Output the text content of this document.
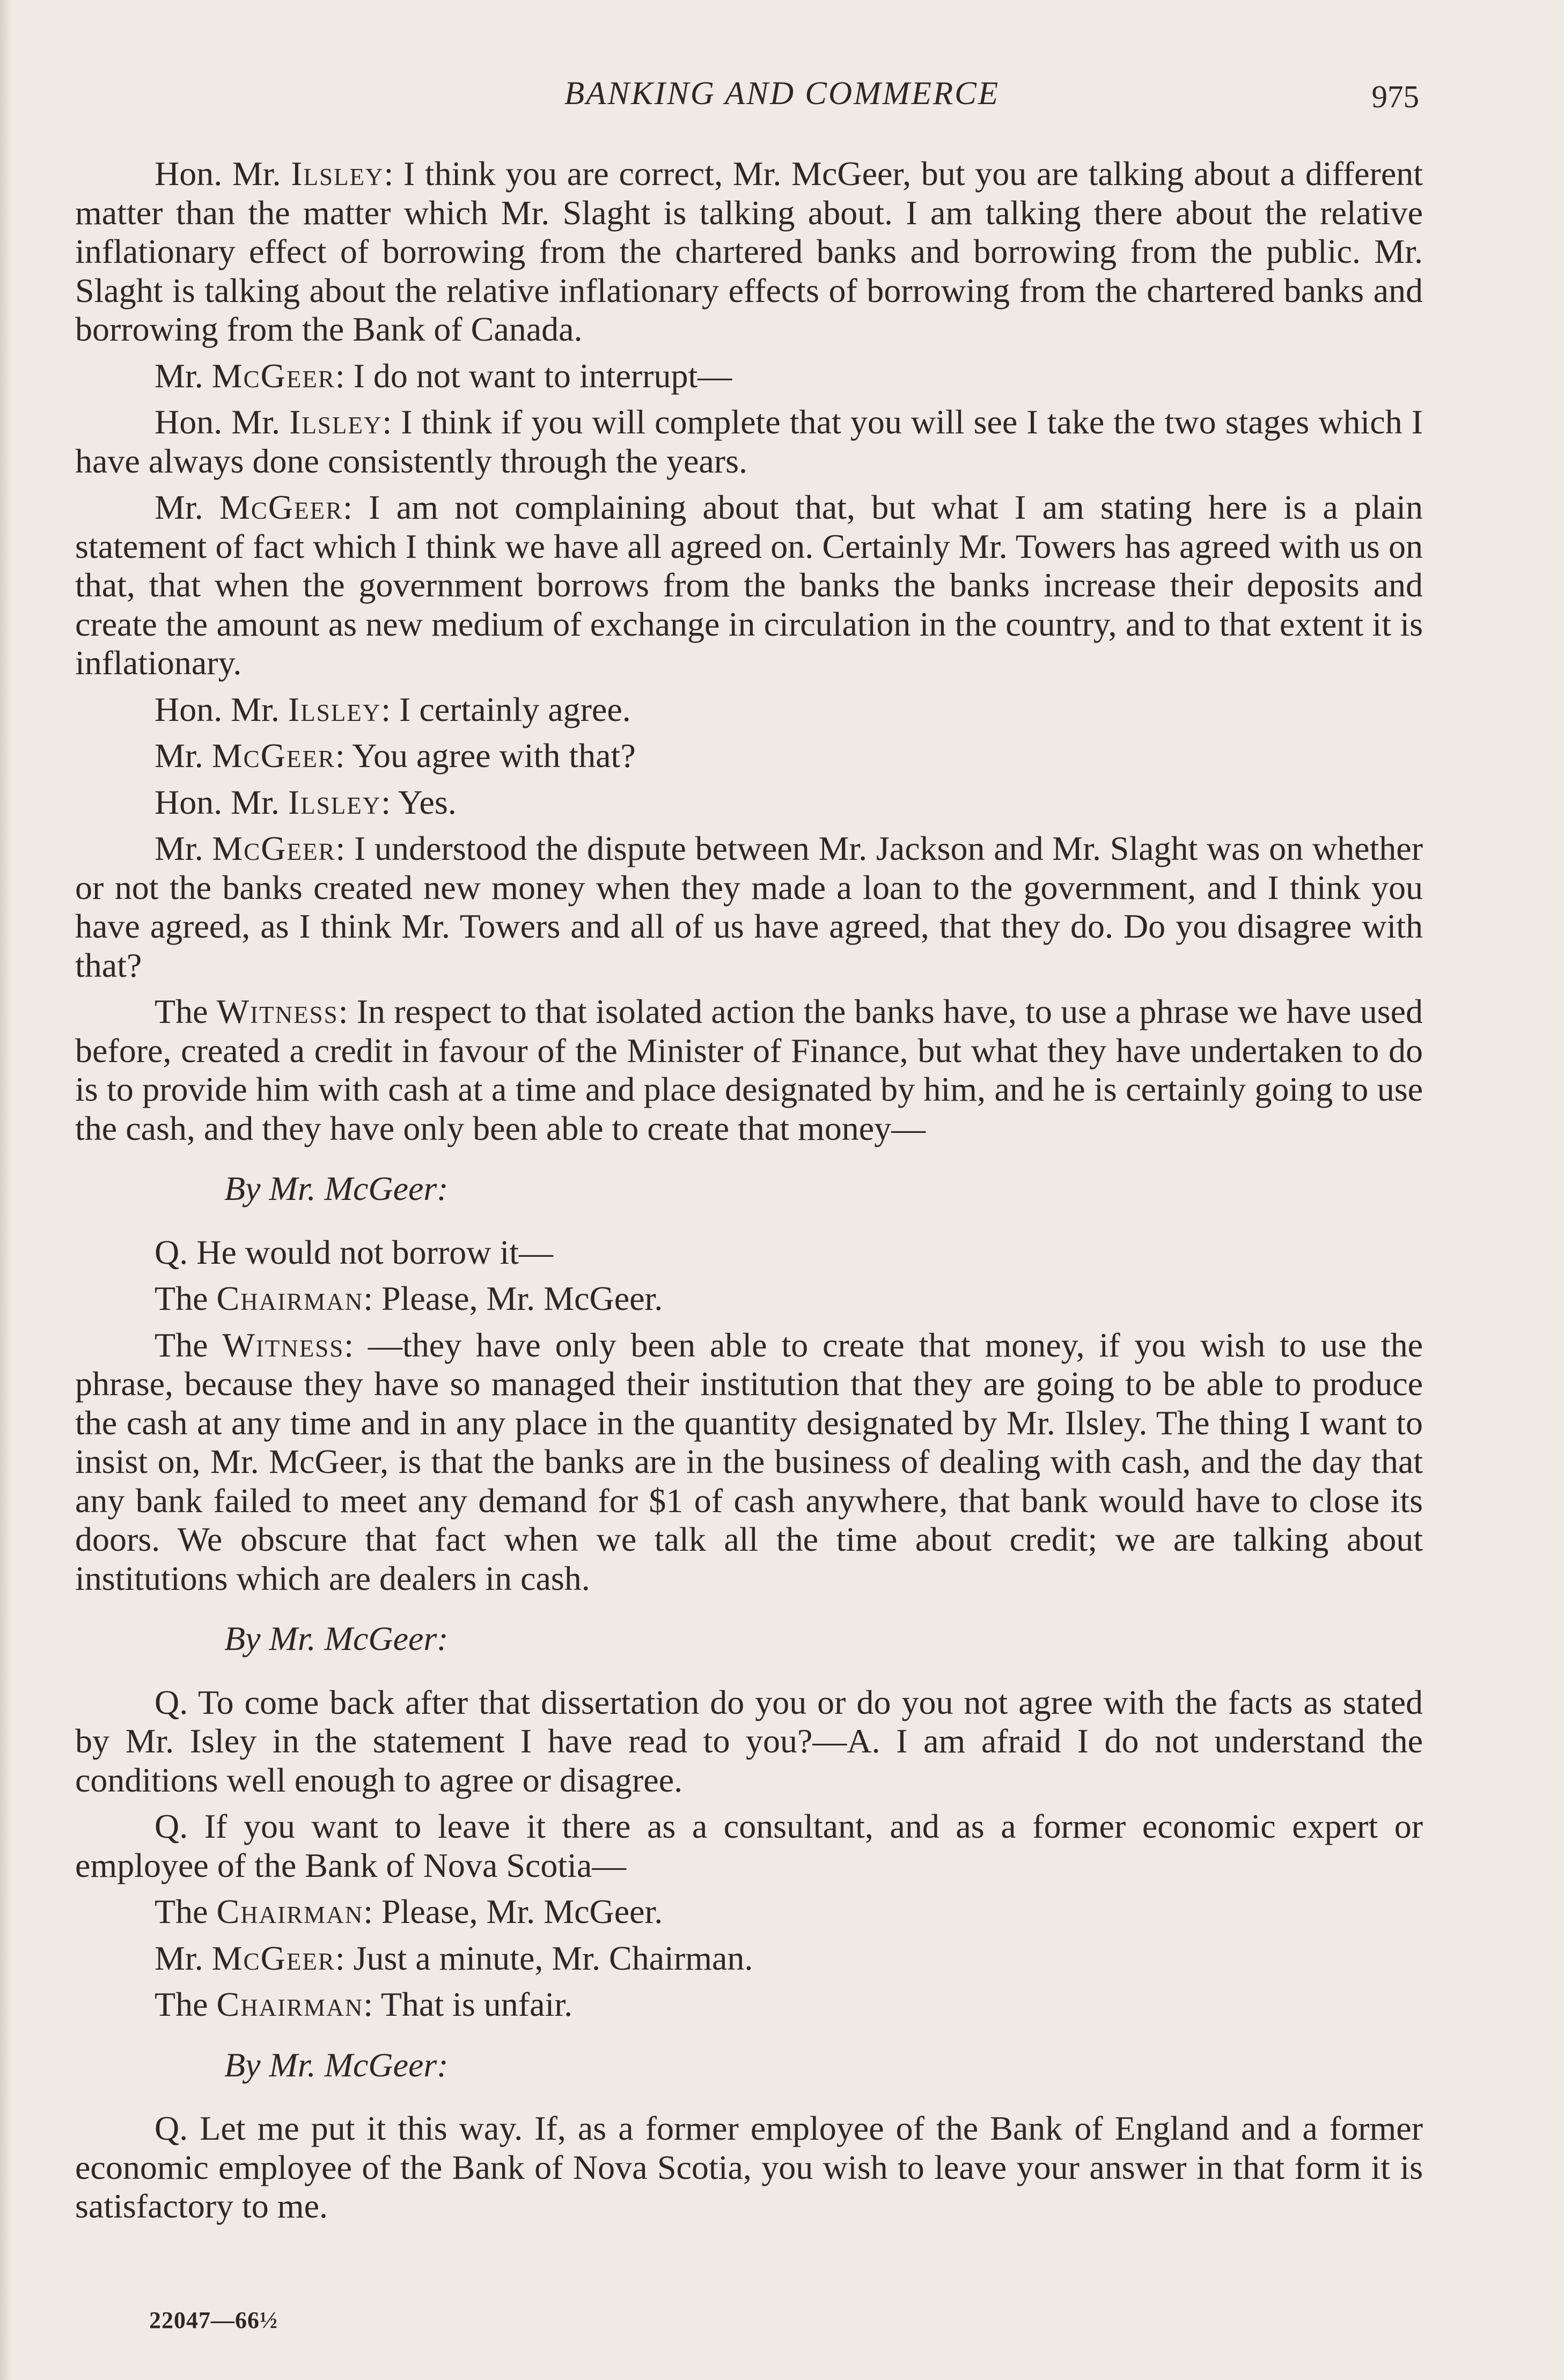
BANKING AND COMMERCE	975

Hon. Mr. Ilsley: I think you are correct, Mr. McGeer, but you are talking about a different matter than the matter which Mr. Slaght is talking about. I am talking there about the relative inflationary effect of borrowing from the chartered banks and borrowing from the public. Mr. Slaght is talking about the relative inflationary effects of borrowing from the chartered banks and borrowing from the Bank of Canada.

Mr. McGeer: I do not want to interrupt—

Hon. Mr. Ilsley: I think if you will complete that you will see I take the two stages which I have always done consistently through the years.

Mr. McGeer: I am not complaining about that, but what I am stating here is a plain statement of fact which I think we have all agreed on. Certainly Mr. Towers has agreed with us on that, that when the government borrows from the banks the banks increase their deposits and create the amount as new medium of exchange in circulation in the country, and to that extent it is inflationary.

Hon. Mr. Ilsley: I certainly agree.

Mr. McGeer: You agree with that?

Hon. Mr. Ilsley: Yes.

Mr. McGeer: I understood the dispute between Mr. Jackson and Mr. Slaght was on whether or not the banks created new money when they made a loan to the government, and I think you have agreed, as I think Mr. Towers and all of us have agreed, that they do. Do you disagree with that?

The Witness: In respect to that isolated action the banks have, to use a phrase we have used before, created a credit in favour of the Minister of Finance, but what they have undertaken to do is to provide him with cash at a time and place designated by him, and he is certainly going to use the cash, and they have only been able to create that money—

By Mr. McGeer:

Q. He would not borrow it—

The Chairman: Please, Mr. McGeer.

The Witness: —they have only been able to create that money, if you wish to use the phrase, because they have so managed their institution that they are going to be able to produce the cash at any time and in any place in the quantity designated by Mr. Ilsley. The thing I want to insist on, Mr. McGeer, is that the banks are in the business of dealing with cash, and the day that any bank failed to meet any demand for $1 of cash anywhere, that bank would have to close its doors. We obscure that fact when we talk all the time about credit; we are talking about institutions which are dealers in cash.

By Mr. McGeer:

Q. To come back after that dissertation do you or do you not agree with the facts as stated by Mr. Isley in the statement I have read to you?—A. I am afraid I do not understand the conditions well enough to agree or disagree.

Q. If you want to leave it there as a consultant, and as a former economic expert or employee of the Bank of Nova Scotia—

The Chairman: Please, Mr. McGeer.

Mr. McGeer: Just a minute, Mr. Chairman.

The Chairman: That is unfair.

By Mr. McGeer:

Q. Let me put it this way. If, as a former employee of the Bank of England and a former economic employee of the Bank of Nova Scotia, you wish to leave your answer in that form it is satisfactory to me.

22047—66½
